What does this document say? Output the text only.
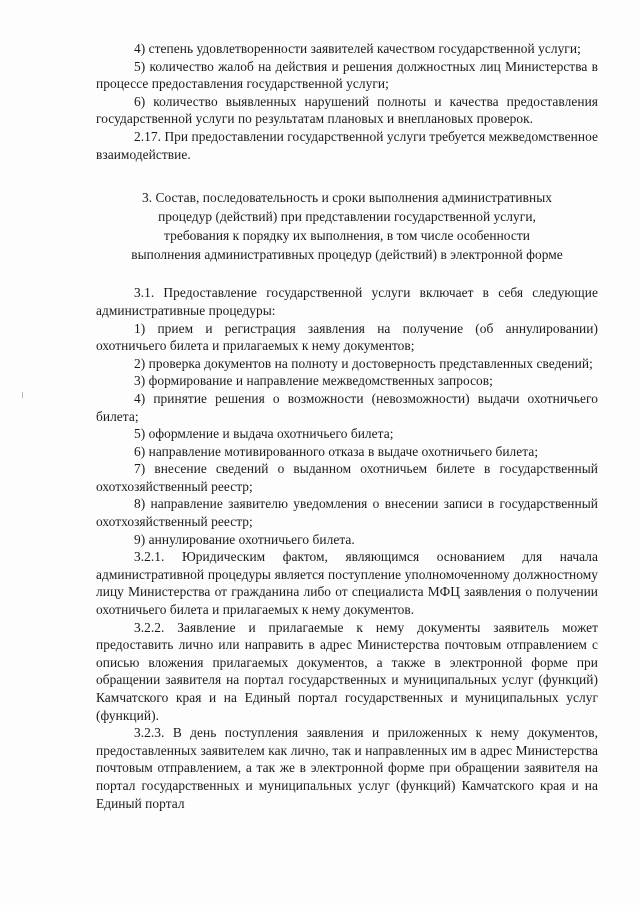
4) степень удовлетворенности заявителей качеством государственной услуги;

5) количество жалоб на действия и решения должностных лиц Министерства в процессе предоставления государственной услуги;

6) количество выявленных нарушений полноты и качества предоставления государственной услуги по результатам плановых и внеплановых проверок.

2.17. При предоставлении государственной услуги требуется межведомственное взаимодействие.

3. Состав, последовательность и сроки выполнения административных
процедур (действий) при представлении государственной услуги,
требования к порядку их выполнения, в том числе особенности
выполнения административных процедур (действий) в электронной форме

3.1. Предоставление государственной услуги включает в себя следующие административные процедуры:

1) прием и регистрация заявления на получение (об аннулировании) охотничьего билета и прилагаемых к нему документов;

2) проверка документов на полноту и достоверность представленных сведений;

3) формирование и направление межведомственных запросов;

4) принятие решения о возможности (невозможности) выдачи охотничьего билета;

5) оформление и выдача охотничьего билета;

6) направление мотивированного отказа в выдаче охотничьего билета;

7) внесение сведений о выданном охотничьем билете в государственный охотхозяйственный реестр;

8) направление заявителю уведомления о внесении записи в государственный охотхозяйственный реестр;

9) аннулирование охотничьего билета.

3.2.1. Юридическим фактом, являющимся основанием для начала административной процедуры является поступление уполномоченному должностному лицу Министерства от гражданина либо от специалиста МФЦ заявления о получении охотничьего билета и прилагаемых к нему документов.

3.2.2. Заявление и прилагаемые к нему документы заявитель может предоставить лично или направить в адрес Министерства почтовым отправлением с описью вложения прилагаемых документов, а также в электронной форме при обращении заявителя на портал государственных и муниципальных услуг (функций) Камчатского края и на Единый портал государственных и муниципальных услуг (функций).

3.2.3. В день поступления заявления и приложенных к нему документов, предоставленных заявителем как лично, так и направленных им в адрес Министерства почтовым отправлением, а так же в электронной форме при обращении заявителя на портал государственных и муниципальных услуг (функций) Камчатского края и на Единый портал
